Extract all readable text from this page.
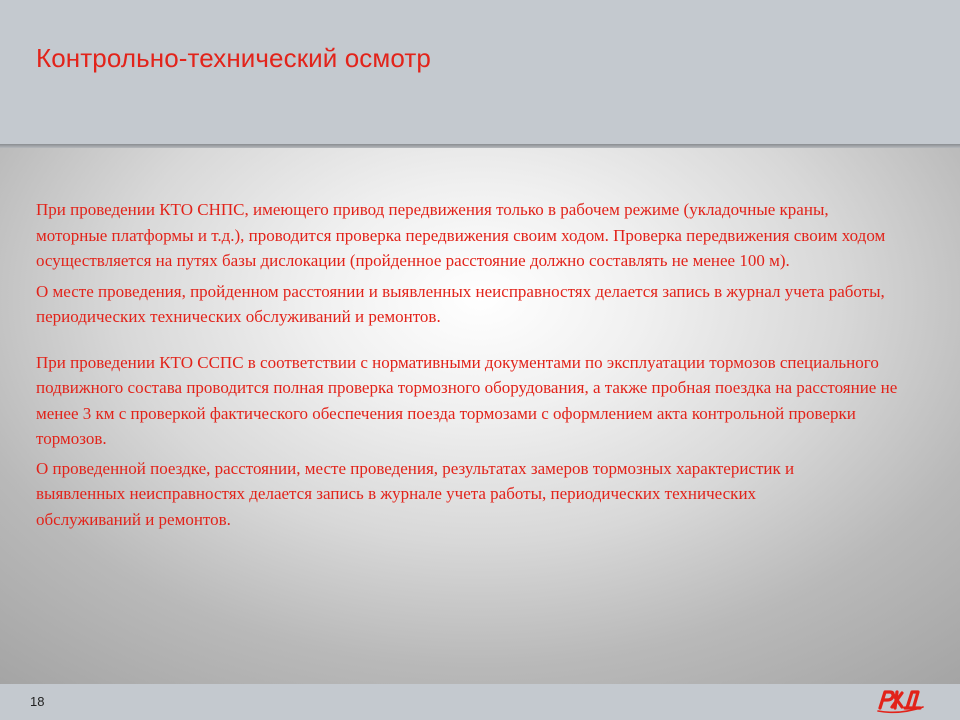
Контрольно-технический осмотр

При проведении КТО СНПС, имеющего привод передвижения только в рабочем режиме (укладочные краны, моторные платформы и т.д.), проводится проверка передвижения своим ходом. Проверка передвижения своим ходом осуществляется на путях базы дислокации (пройденное расстояние должно составлять не менее 100 м).

О месте проведения, пройденном расстоянии и выявленных неисправностях делается запись в журнал учета работы, периодических технических обслуживаний и ремонтов.

При проведении КТО ССПС в соответствии с нормативными документами по эксплуатации тормозов специального подвижного состава проводится полная проверка тормозного оборудования, а также пробная поездка на расстояние не менее 3 км с проверкой фактического обеспечения поезда тормозами с оформлением акта контрольной проверки тормозов.

О проведенной поездке, расстоянии, месте проведения, результатах замеров тормозных характеристик и выявленных неисправностях делается запись в журнале учета работы, периодических технических обслуживаний и ремонтов.

18
